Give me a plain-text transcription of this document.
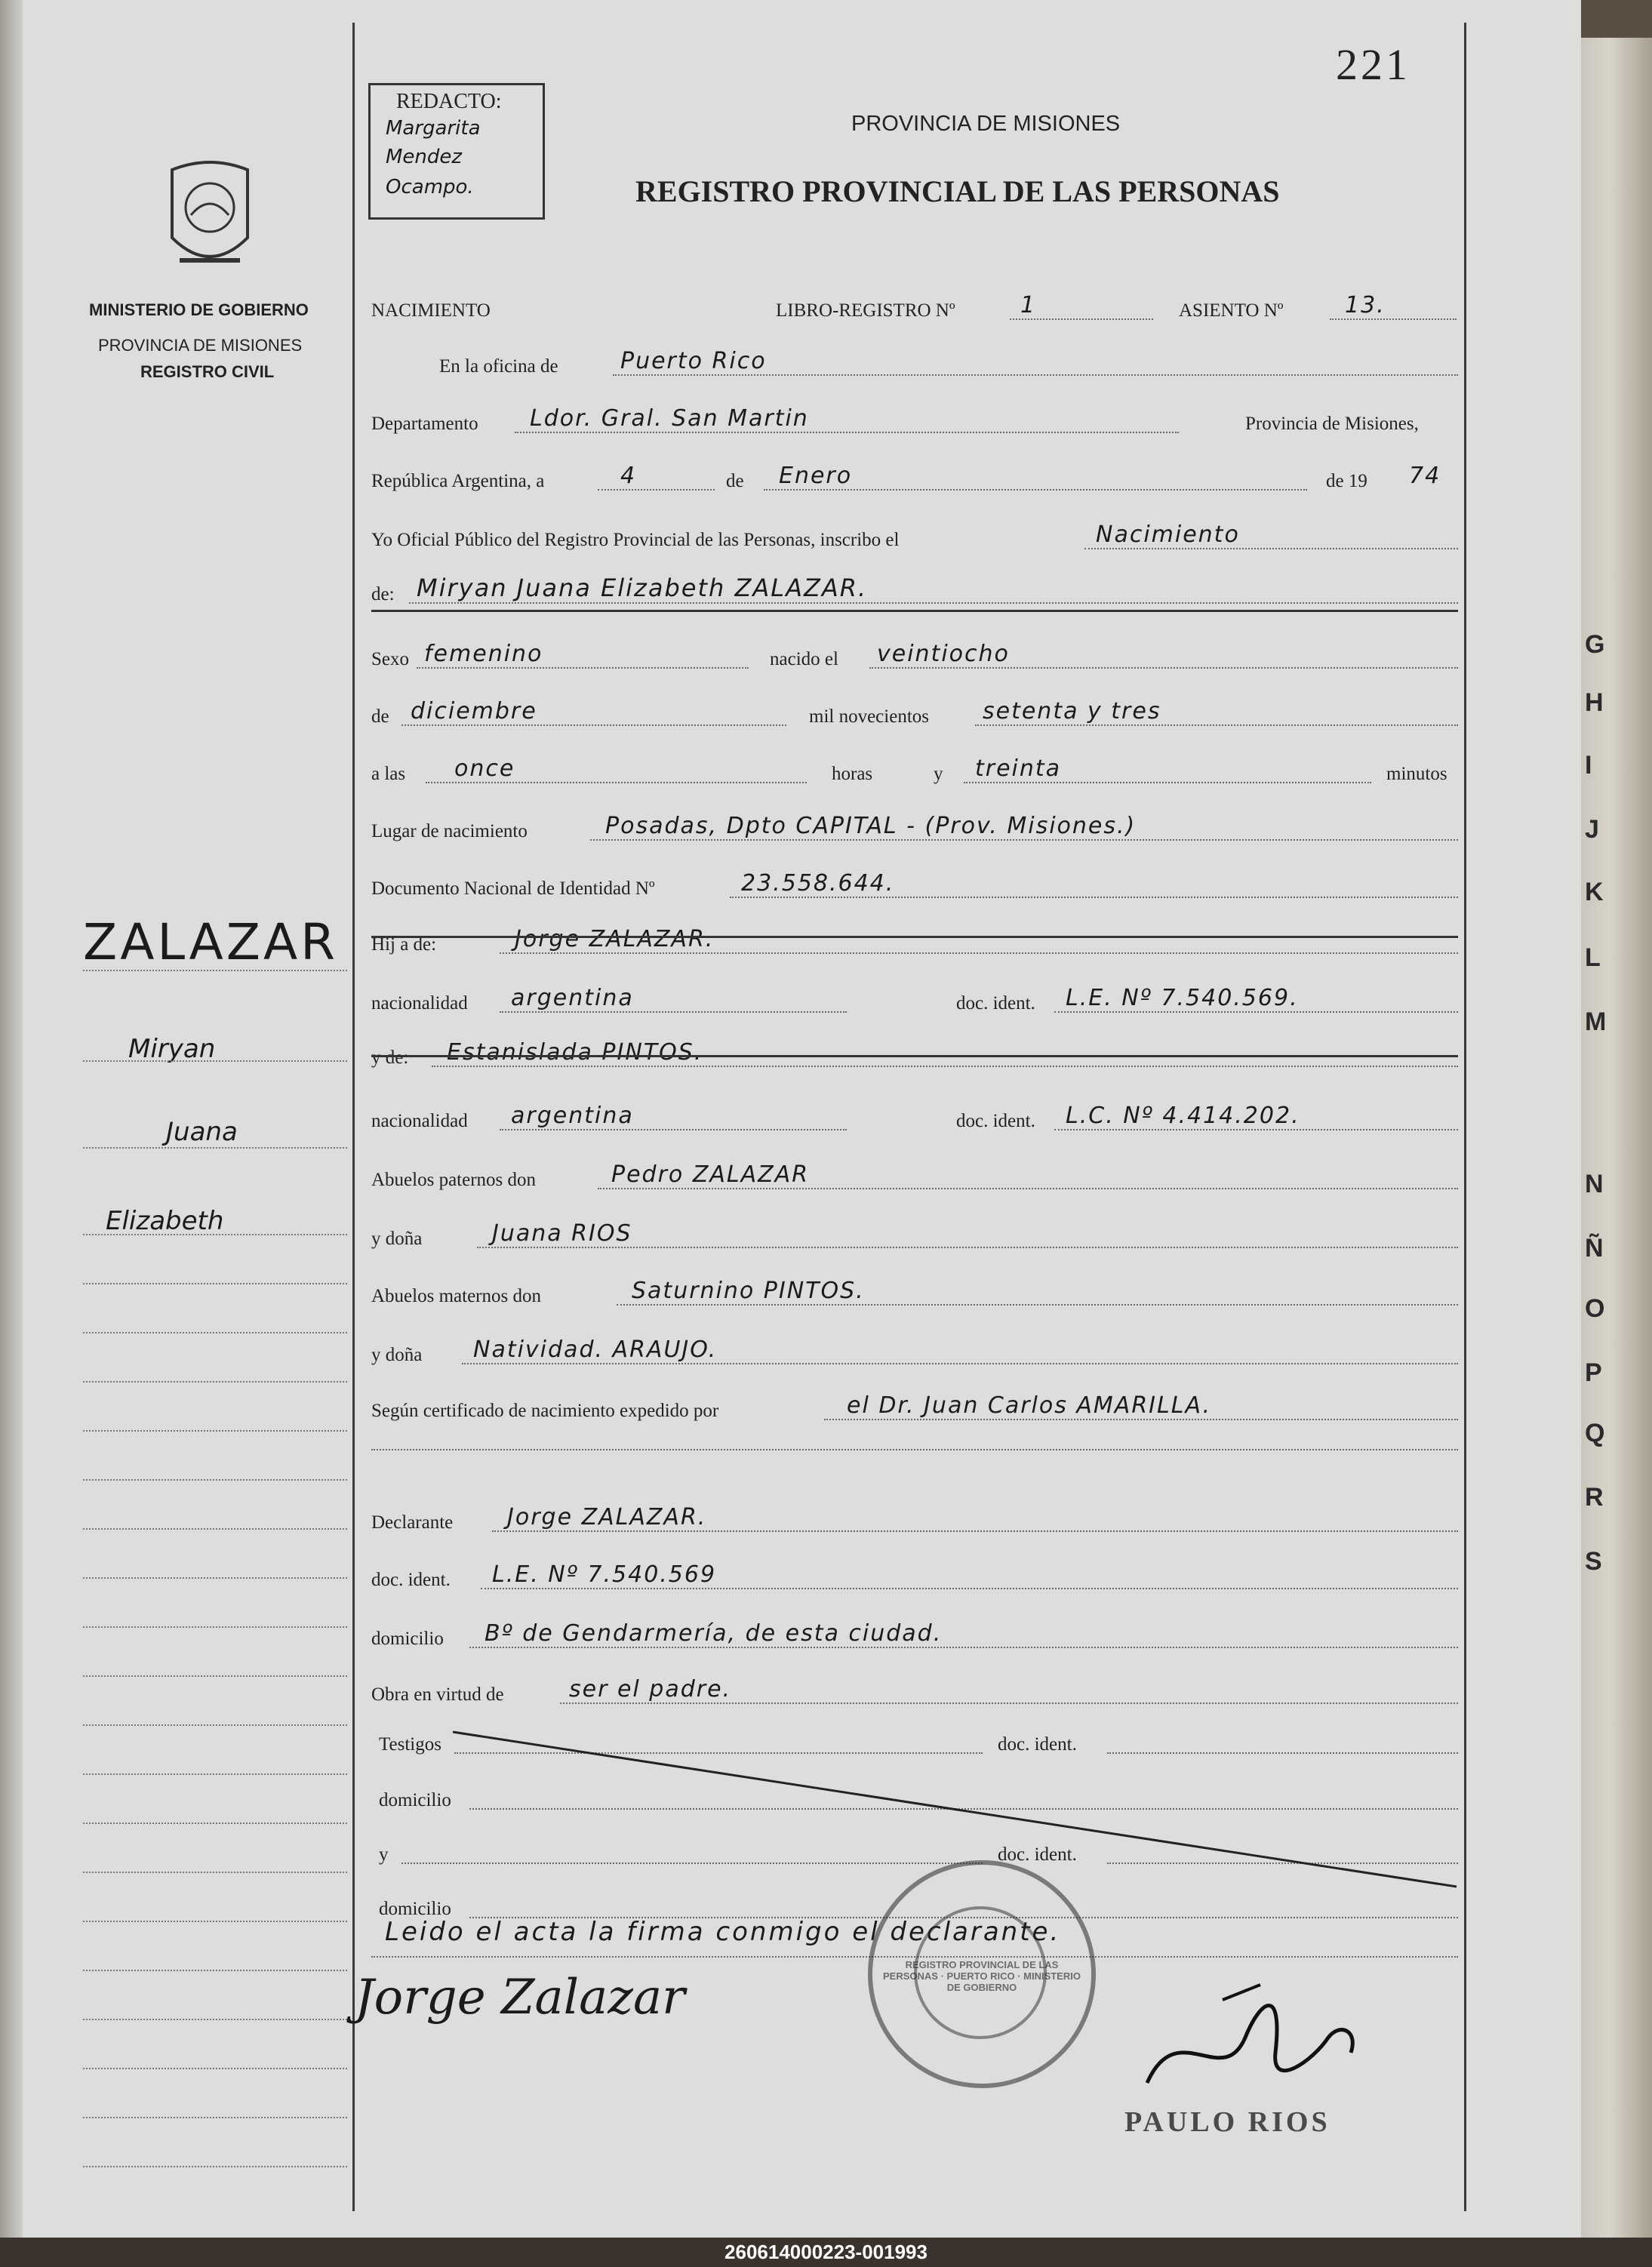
221
REDACTO:
Margarita
Mendez
Ocampo.
PROVINCIA DE MISIONES
REGISTRO PROVINCIAL DE LAS PERSONAS
MINISTERIO DE GOBIERNO
PROVINCIA DE MISIONES
REGISTRO CIVIL
ZALAZAR
Miryan
Juana
Elizabeth
NACIMIENTO	LIBRO-REGISTRO Nº	1	ASIENTO Nº	13.
En la oficina de	Puerto Rico
Departamento Ldor. Gral. San Martin	Provincia de Misiones,
República Argentina, a	4	de Enero	de 19 74
Yo Oficial Público del Registro Provincial de las Personas, inscribo el	Nacimiento
de: Miryan Juana Elizabeth ZALAZAR.
Sexo femenino	nacido el veintiocho
de diciembre	mil novecientos setenta y tres
a las once	horas	y treinta	minutos
Lugar de nacimiento	Posadas, Dpto CAPITAL - (Prov. Misiones.)
Documento Nacional de Identidad Nº	23.558.644.
Hij a de:	Jorge ZALAZAR.
nacionalidad argentina	doc. ident. L.E. Nº 7.540.569.
y de: Estanislada PINTOS.
nacionalidad argentina	doc. ident. L.C. Nº 4.414.202.
Abuelos paternos don	Pedro ZALAZAR
y doña	Juana RIOS
Abuelos maternos don	Saturnino PINTOS.
y doña Natividad. ARAUJO.
Según certificado de nacimiento expedido por	el Dr. Juan Carlos AMARILLA.
Declarante Jorge ZALAZAR.
doc. ident. L.E. Nº 7.540.569
domicilio Bº de Gendarmería, de esta ciudad.
Obra en virtud de	ser el padre.
Testigos	doc. ident.
domicilio
y	doc. ident.
domicilio
Leido el acta la firma conmigo el declarante.
Jorge Zalazar
REGISTRO PROVINCIAL DE LAS PERSONAS · PUERTO RICO · MINISTERIO DE GOBIERNO
PAULO RIOS
G
H
I
J
K
L
M
N
Ñ
O
P
Q
R
S
260614000223-001993
